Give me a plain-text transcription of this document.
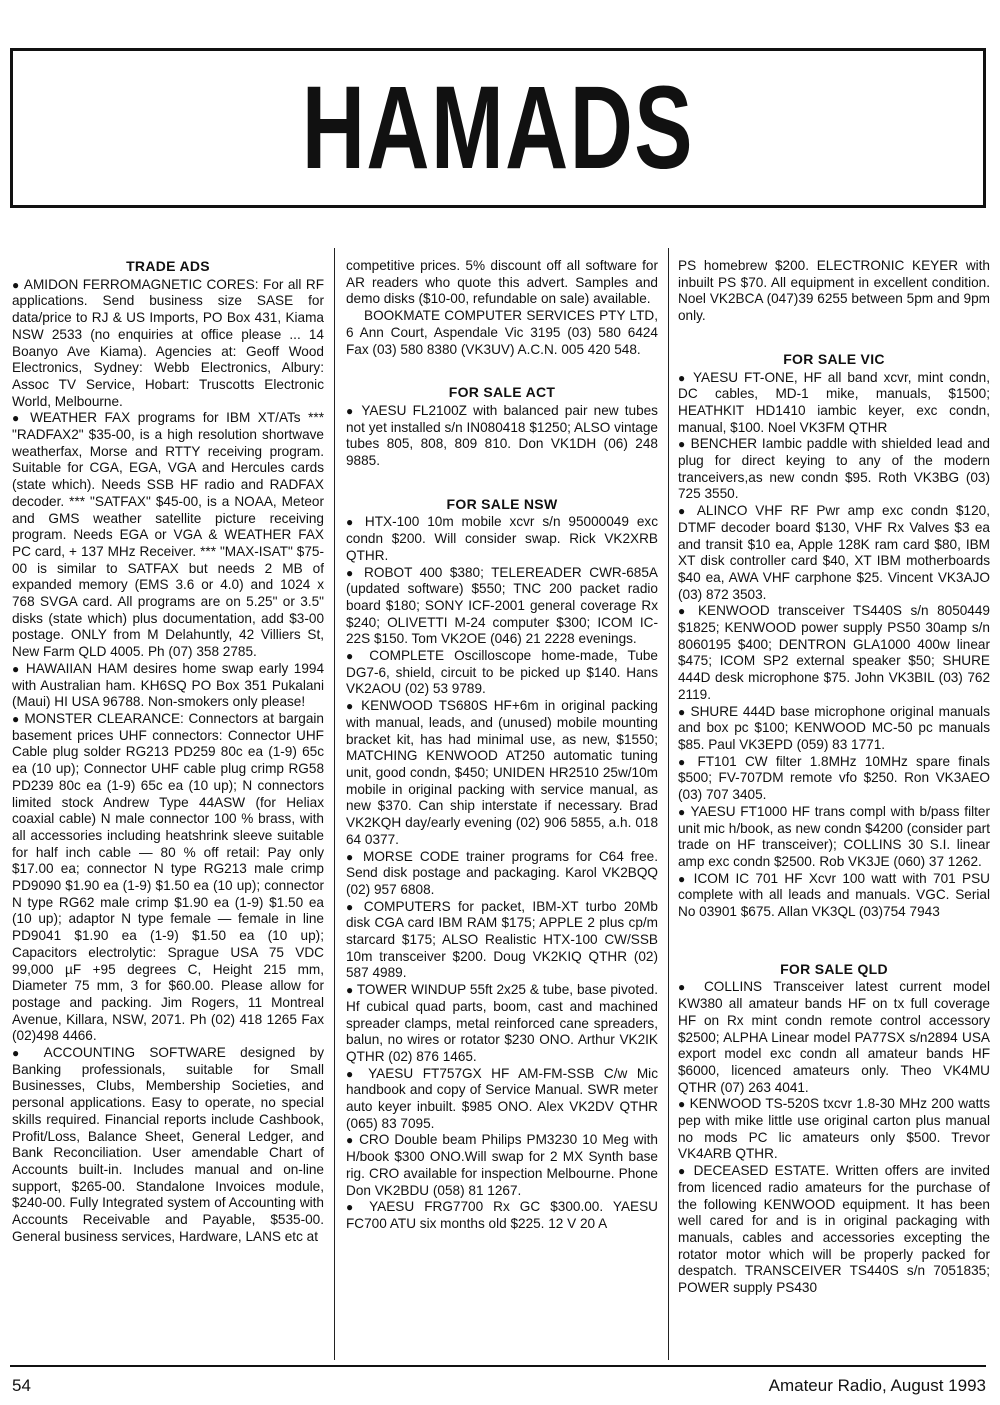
HAMADS
TRADE ADS

● AMIDON FERROMAGNETIC CORES: For all RF applications. Send business size SASE for data/price to RJ & US Imports, PO Box 431, Kiama NSW 2533 (no enquiries at office please ... 14 Boanyo Ave Kiama). Agencies at: Geoff Wood Electronics, Sydney: Webb Electronics, Albury: Assoc TV Service, Hobart: Truscotts Electronic World, Melbourne.

● WEATHER FAX programs for IBM XT/ATs *** "RADFAX2" $35-00, is a high resolution shortwave weatherfax, Morse and RTTY receiving program. Suitable for CGA, EGA, VGA and Hercules cards (state which). Needs SSB HF radio and RADFAX decoder. *** "SATFAX" $45-00, is a NOAA, Meteor and GMS weather satellite picture receiving program. Needs EGA or VGA & WEATHER FAX PC card, + 137 MHz Receiver. *** "MAX-ISAT" $75-00 is similar to SATFAX but needs 2 MB of expanded memory (EMS 3.6 or 4.0) and 1024 x 768 SVGA card. All programs are on 5.25" or 3.5" disks (state which) plus documentation, add $3-00 postage. ONLY from M Delahuntly, 42 Villiers St, New Farm QLD 4005. Ph (07) 358 2785.

● HAWAIIAN HAM desires home swap early 1994 with Australian ham. KH6SQ PO Box 351 Pukalani (Maui) HI USA 96788. Non-smokers only please!

● MONSTER CLEARANCE: Connectors at bargain basement prices UHF connectors: Connector UHF Cable plug solder RG213 PD259 80c ea (1-9) 65c ea (10 up); Connector UHF cable plug crimp RG58 PD239 80c ea (1-9) 65c ea (10 up); N connectors limited stock Andrew Type 44ASW (for Heliax coaxial cable) N male connector 100 % brass, with all accessories including heatshrink sleeve suitable for half inch cable — 80 % off retail: Pay only $17.00 ea; connector N type RG213 male crimp PD9090 $1.90 ea (1-9) $1.50 ea (10 up); connector N type RG62 male crimp $1.90 ea (1-9) $1.50 ea (10 up); adaptor N type female — female in line PD9041 $1.90 ea (1-9) $1.50 ea (10 up); Capacitors electrolytic: Sprague USA 75 VDC 99,000 µF +95 degrees C, Height 215 mm, Diameter 75 mm, 3 for $60.00. Please allow for postage and packing. Jim Rogers, 11 Montreal Avenue, Killara, NSW, 2071. Ph (02) 418 1265 Fax (02)498 4466.

● ACCOUNTING SOFTWARE designed by Banking professionals, suitable for Small Businesses, Clubs, Membership Societies, and personal applications. Easy to operate, no special skills required. Financial reports include Cashbook, Profit/Loss, Balance Sheet, General Ledger, and Bank Reconciliation. User amendable Chart of Accounts built-in. Includes manual and on-line support, $265-00. Standalone Invoices module, $240-00. Fully Integrated system of Accounting with Accounts Receivable and Payable, $535-00. General business services, Hardware, LANS etc at

competitive prices. 5% discount off all software for AR readers who quote this advert. Samples and demo disks ($10-00, refundable on sale) available.

BOOKMATE COMPUTER SERVICES PTY LTD, 6 Ann Court, Aspendale Vic 3195 (03) 580 6424 Fax (03) 580 8380 (VK3UV) A.C.N. 005 420 548.

FOR SALE ACT

● YAESU FL2100Z with balanced pair new tubes not yet installed s/n IN080418 $1250; ALSO vintage tubes 805, 808, 809 810. Don VK1DH (06) 248 9885.

FOR SALE NSW

● HTX-100 10m mobile xcvr s/n 95000049 exc condn $200. Will consider swap. Rick VK2XRB QTHR.

● ROBOT 400 $380; TELEREADER CWR-685A (updated software) $550; TNC 200 packet radio board $180; SONY ICF-2001 general coverage Rx $240; OLIVETTI M-24 computer $300; ICOM IC-22S $150. Tom VK2OE (046) 21 2228 evenings.

● COMPLETE Oscilloscope home-made, Tube DG7-6, shield, circuit to be picked up $140. Hans VK2AOU (02) 53 9789.

● KENWOOD TS680S HF+6m in original packing with manual, leads, and (unused) mobile mounting bracket kit, has had minimal use, as new, $1550; MATCHING KENWOOD AT250 automatic tuning unit, good condn, $450; UNIDEN HR2510 25w/10m mobile in original packing with service manual, as new $370. Can ship interstate if necessary. Brad VK2KQH day/early evening (02) 906 5855, a.h. 018 64 0377.

● MORSE CODE trainer programs for C64 free. Send disk postage and packaging. Karol VK2BQQ (02) 957 6808.

● COMPUTERS for packet, IBM-XT turbo 20Mb disk CGA card IBM RAM $175; APPLE 2 plus cp/m starcard $175; ALSO Realistic HTX-100 CW/SSB 10m transceiver $200. Doug VK2KIQ QTHR (02) 587 4989.

● TOWER WINDUP 55ft 2x25 & tube, base pivoted. Hf cubical quad parts, boom, cast and machined spreader clamps, metal reinforced cane spreaders, balun, no wires or rotator $230 ONO. Arthur VK2IK QTHR (02) 876 1465.

● YAESU FT757GX HF AM-FM-SSB C/w Mic handbook and copy of Service Manual. SWR meter auto keyer inbuilt. $985 ONO. Alex VK2DV QTHR (065) 83 7095.

● CRO Double beam Philips PM3230 10 Meg with H/book $300 ONO.Will swap for 2 MX Synth base rig. CRO available for inspection Melbourne. Phone Don VK2BDU (058) 81 1267.

● YAESU FRG7700 Rx GC $300.00. YAESU FC700 ATU six months old $225. 12 V 20 A

PS homebrew $200. ELECTRONIC KEYER with inbuilt PS $70. All equipment in excellent condition. Noel VK2BCA (047)39 6255 between 5pm and 9pm only.

FOR SALE VIC

● YAESU FT-ONE, HF all band xcvr, mint condn, DC cables, MD-1 mike, manuals, $1500; HEATHKIT HD1410 iambic keyer, exc condn, manual, $100. Noel VK3FM QTHR

● BENCHER Iambic paddle with shielded lead and plug for direct keying to any of the modern tranceivers,as new condn $95. Roth VK3BG (03) 725 3550.

● ALINCO VHF RF Pwr amp exc condn $120, DTMF decoder board $130, VHF Rx Valves $3 ea and transit $10 ea, Apple 128K ram card $80, IBM XT disk controller card $40, XT IBM motherboards $40 ea, AWA VHF carphone $25. Vincent VK3AJO (03) 872 3503.

● KENWOOD transceiver TS440S s/n 8050449 $1825; KENWOOD power supply PS50 30amp s/n 8060195 $400; DENTRON GLA1000 400w linear $475; ICOM SP2 external speaker $50; SHURE 444D desk microphone $75. John VK3BIL (03) 762 2119.

● SHURE 444D base microphone original manuals and box pc $100; KENWOOD MC-50 pc manuals $85. Paul VK3EPD (059) 83 1771.

● FT101 CW filter 1.8MHz 10MHz spare finals $500; FV-707DM remote vfo $250. Ron VK3AEO (03) 707 3405.

● YAESU FT1000 HF trans compl with b/pass filter unit mic h/book, as new condn $4200 (consider part trade on HF transceiver); COLLINS 30 S.I. linear amp exc condn $2500. Rob VK3JE (060) 37 1262.

● ICOM IC 701 HF Xcvr 100 watt with 701 PSU complete with all leads and manuals. VGC. Serial No 03901 $675. Allan VK3QL (03)754 7943

FOR SALE QLD

● COLLINS Transceiver latest current model KW380 all amateur bands HF on tx full coverage HF on Rx mint condn remote control accessory $2500; ALPHA Linear model PA77SX s/n2894 USA export model exc condn all amateur bands HF $6000, licenced amateurs only. Theo VK4MU QTHR (07) 263 4041.

● KENWOOD TS-520S txcvr 1.8-30 MHz 200 watts pep with mike little use original carton plus manual no mods PC lic amateurs only $500. Trevor VK4ARB QTHR.

● DECEASED ESTATE. Written offers are invited from licenced radio amateurs for the purchase of the following KENWOOD equipment. It has been well cared for and is in original packaging with manuals, cables and accessories excepting the rotator motor which will be properly packed for despatch. TRANSCEIVER TS440S s/n 7051835; POWER supply PS430

54	Amateur Radio, August 1993
